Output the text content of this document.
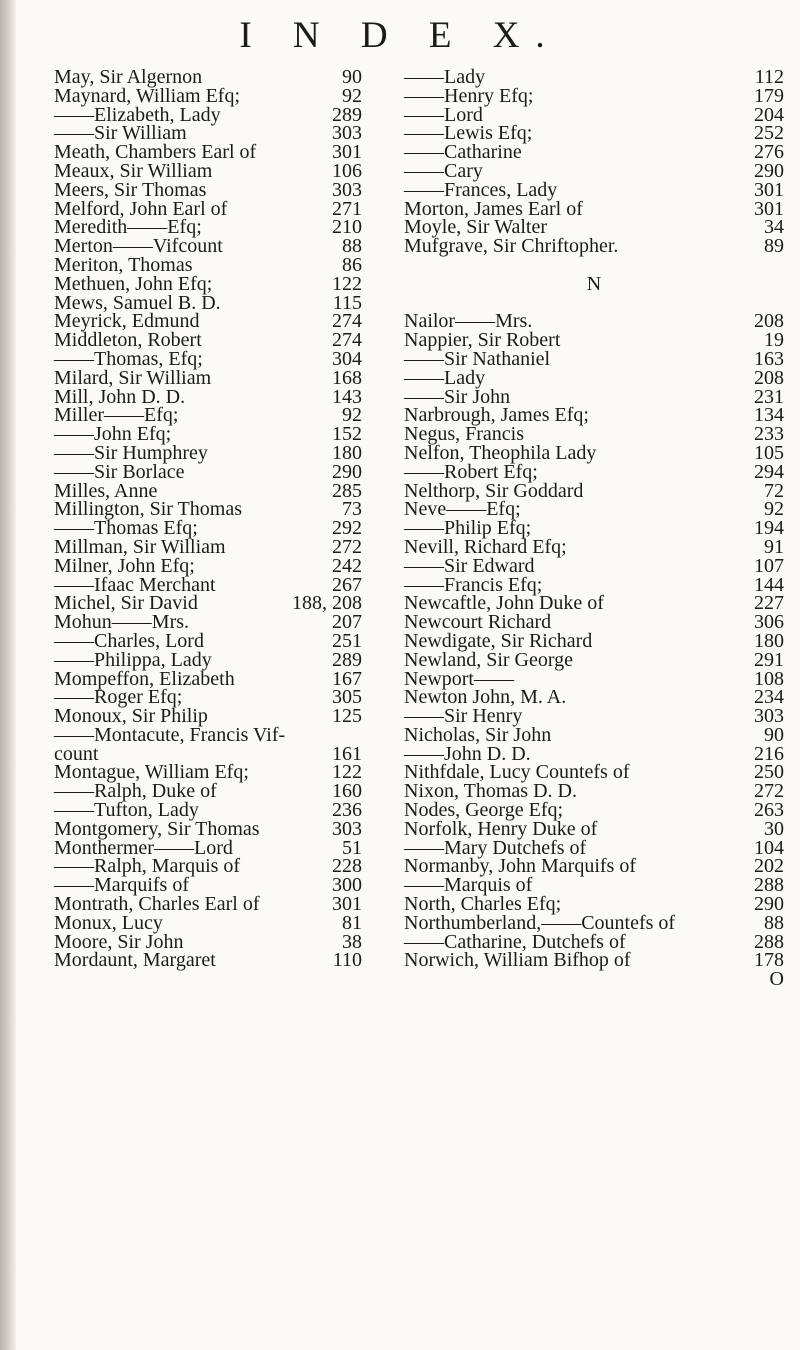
I N D E X.
May, Sir Algernon	90
Maynard, William Efq;	92
——Elizabeth, Lady	289
——Sir William	303
Meath, Chambers Earl of	301
Meaux, Sir William	106
Meers, Sir Thomas	303
Melford, John Earl of	271
Meredith——Efq;	210
Merton——Vifcount	88
Meriton, Thomas	86
Methuen, John Efq;	122
Mews, Samuel B. D.	115
Meyrick, Edmund	274
Middleton, Robert	274
——Thomas, Efq;	304
Milard, Sir William	168
Mill, John D. D.	143
Miller——Efq;	92
——John Efq;	152
——Sir Humphrey	180
——Sir Borlace	290
Milles, Anne	285
Millington, Sir Thomas	73
——Thomas Efq;	292
Millman, Sir William	272
Milner, John Efq;	242
——Ifaac Merchant	267
Michel, Sir David	188, 208
Mohun——Mrs.	207
——Charles, Lord	251
——Philippa, Lady	289
Mompeffon, Elizabeth	167
——Roger Efq;	305
Monoux, Sir Philip	125
——Montacute, Francis Vif-
count	161
Montague, William Efq;	122
——Ralph, Duke of	160
——Tufton, Lady	236
Montgomery, Sir Thomas	303
Monthermer——Lord	51
——Ralph, Marquis of	228
——Marquifs of	300
Montrath, Charles Earl of	301
Monux, Lucy	81
Moore, Sir John	38
Mordaunt, Margaret	110
——Lady	112
——Henry Efq;	179
——Lord	204
——Lewis Efq;	252
——Catharine	276
——Cary	290
——Frances, Lady	301
Morton, James Earl of	301
Moyle, Sir Walter	34
Mufgrave, Sir Chriftopher.	89
N
Nailor——Mrs.	208
Nappier, Sir Robert	19
——Sir Nathaniel	163
——Lady	208
——Sir John	231
Narbrough, James Efq;	134
Negus, Francis	233
Nelfon, Theophila Lady	105
——Robert Efq;	294
Nelthorp, Sir Goddard	72
Neve——Efq;	92
——Philip Efq;	194
Nevill, Richard Efq;	91
——Sir Edward	107
——Francis Efq;	144
Newcaftle, John Duke of	227
Newcourt Richard	306
Newdigate, Sir Richard	180
Newland, Sir George	291
Newport——	108
Newton John, M. A.	234
——Sir Henry	303
Nicholas, Sir John	90
——John D. D.	216
Nithfdale, Lucy Countefs of	250
Nixon, Thomas D. D.	272
Nodes, George Efq;	263
Norfolk, Henry Duke of	30
——Mary Dutchefs of	104
Normanby, John Marquifs of	202
——Marquis of	288
North, Charles Efq;	290
Northumberland,——Countefs of	88
——Catharine, Dutchefs of	288
Norwich, William Bifhop of	178
O
